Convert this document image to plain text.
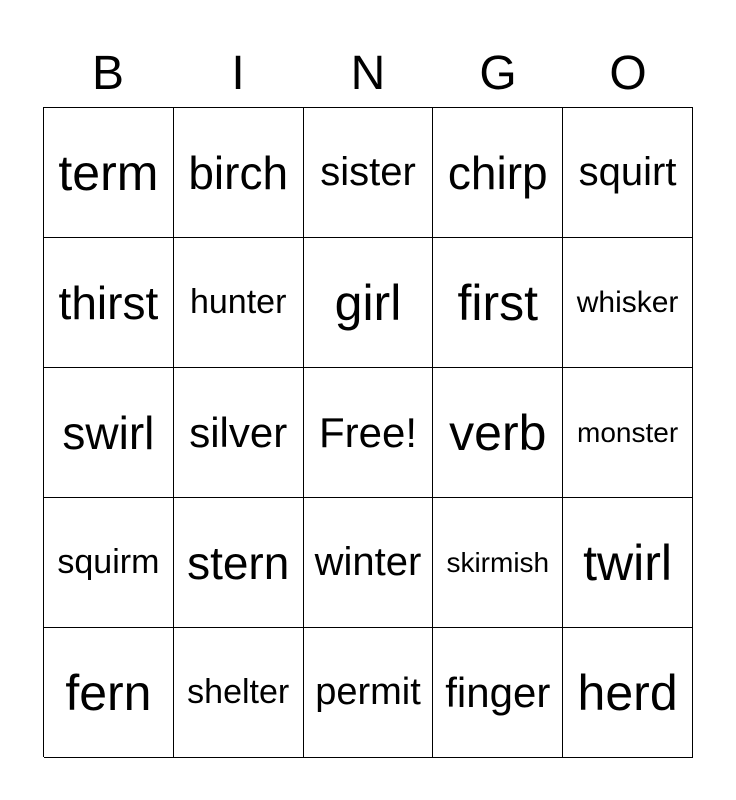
B	I	N	G	O
term birch sister chirp squirt
thirst hunter girl	first	whisker
swirl silver Free! verb	monster
squirm stern winter skirmish twirl
fern	shelter permit finger herd
